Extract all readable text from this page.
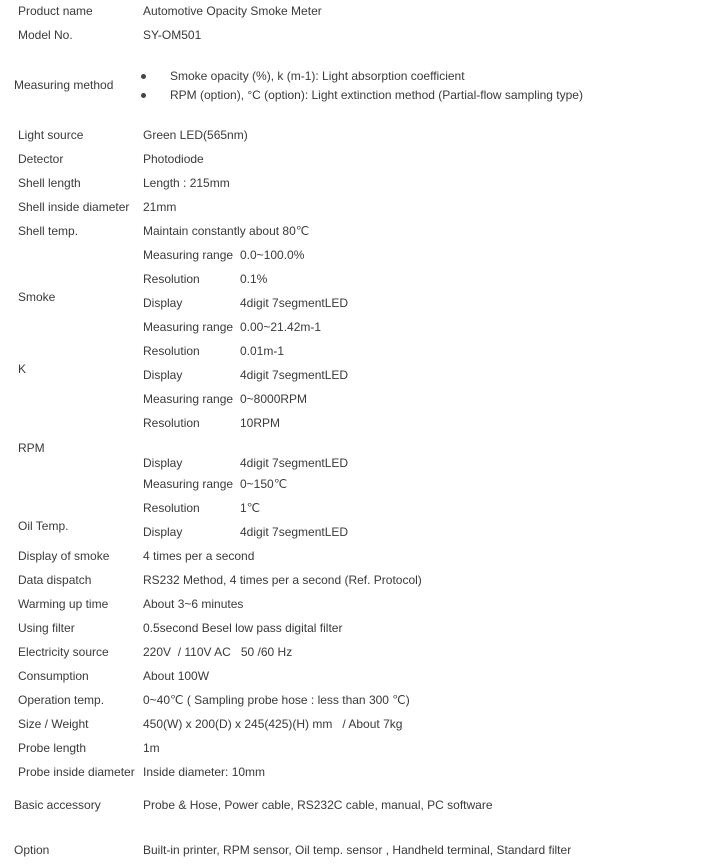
Product name	Automotive Opacity Smoke Meter
Model No.	SY-OM501
Measuring method
Smoke opacity (%), k (m-1): Light absorption coefficient
RPM (option), °C (option): Light extinction method (Partial-flow sampling type)
Light source	Green LED(565nm)
Detector	Photodiode
Shell length	Length : 215mm
Shell inside diameter 21mm
Shell temp.	Maintain constantly about 80℃
Smoke
Measuring range 0.0~100.0%
Resolution	0.1%
Display	4digit 7segmentLED
K
Measuring range 0.00~21.42m-1
Resolution	0.01m-1
Display	4digit 7segmentLED
RPM
Measuring range 0~8000RPM
Resolution	10RPM
Display	4digit 7segmentLED
Oil Temp.
Measuring range 0~150℃
Resolution	1℃
Display	4digit 7segmentLED
Display of smoke	4 times per a second
Data dispatch	RS232 Method, 4 times per a second (Ref. Protocol)
Warming up time	About 3~6 minutes
Using filter	0.5second Besel low pass digital filter
Electricity source	220V  / 110V AC   50 /60 Hz
Consumption	About 100W
Operation temp.	0~40℃ ( Sampling probe hose : less than 300 ℃)
Size / Weight	450(W) x 200(D) x 245(425)(H) mm   / About 7kg
Probe length	1m
Probe inside diameter Inside diameter: 10mm
Basic accessory	Probe & Hose, Power cable, RS232C cable, manual, PC software
Option	Built-in printer, RPM sensor, Oil temp. sensor , Handheld terminal, Standard filter
